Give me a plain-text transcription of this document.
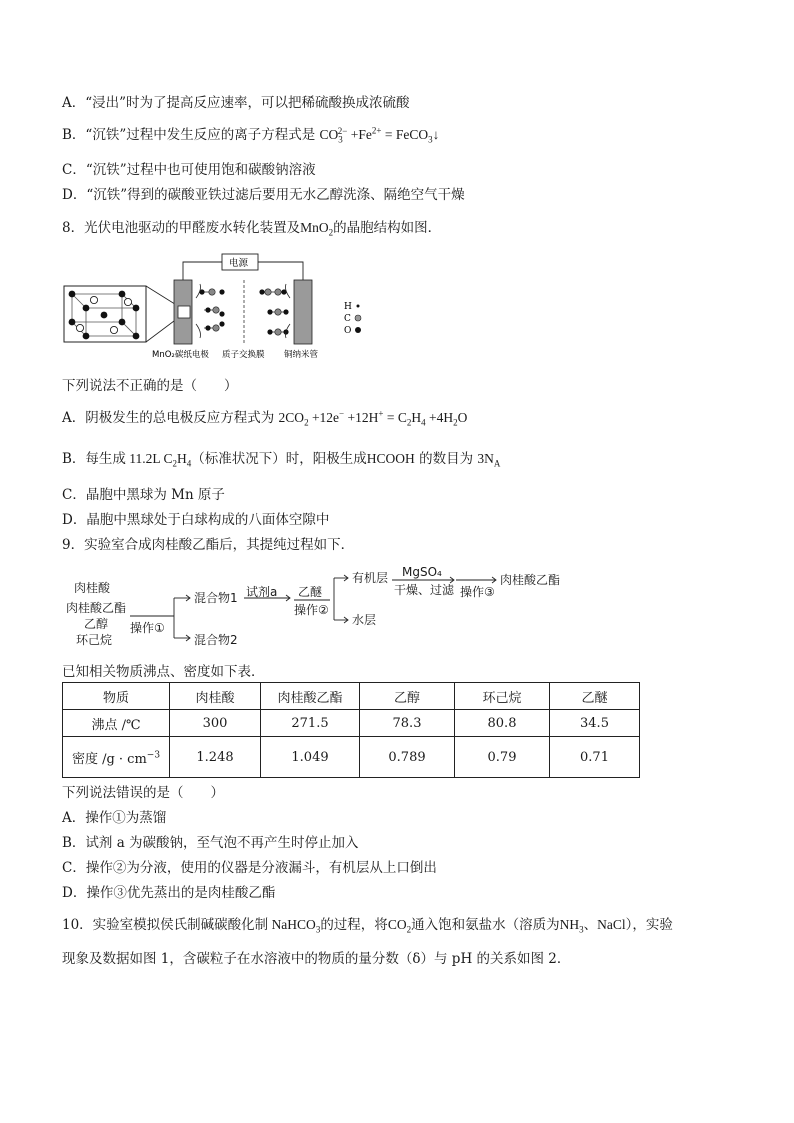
A．“浸出”时为了提高反应速率，可以把稀硫酸换成浓硫酸
B．“沉铁”过程中发生反应的离子方程式是 $CO_3^{2-} +Fe^{2+}$ = FeCO$_3$↓
C．“沉铁”过程中也可使用饱和碳酸钠溶液
D．“沉铁”得到的碳酸亚铁过滤后要用无水乙醇洗涤、隔绝空气干燥
8．光伏电池驱动的甲醛废水转化装置及MnO$_2$的晶胞结构如图．
H
C
O
电源
MnO₂碳纸电极 质子交换膜 铜纳米管
下列说法不正确的是（　　）
A．阴极发生的总电极反应方程式为 $2CO_2 +12e^- +12H^+ = C_2H_4 +4H_2O$
B．每生成 11.2L $C_2H_4$（标准状况下）时，阳极生成HCOOH 的数目为 $3N_A$
C．晶胞中黑球为 Mn 原子
D．晶胞中黑球处于白球构成的八面体空隙中
9．实验室合成肉桂酸乙酯后，其提纯过程如下．
肉桂酸
肉桂酸乙酯
乙醇
环己烷
操作①
混合物1
混合物2
试剂a 乙醚
操作②
有机层
水层
MgSO₄
干燥、过滤 操作③
肉桂酸乙酯
已知相关物质沸点、密度如下表．
物质	肉桂酸	肉桂酸乙酯	乙醇	环己烷	乙醚
沸点 /℃	300	271.5	78.3	80.8	34.5
密度 $/g \cdot cm^{-3}$	1.248	1.049	0.789	0.79	0.71
下列说法错误的是（　　）
A．操作①为蒸馏
B．试剂 a 为碳酸钠，至气泡不再产生时停止加入
C．操作②为分液，使用的仪器是分液漏斗，有机层从上口倒出
D．操作③优先蒸出的是肉桂酸乙酯
10．实验室模拟侯氏制碱碳酸化制 NaHCO$_3$的过程，将$CO_2$通入饱和氨盐水（溶质为$NH_3$、NaCl），实验
现象及数据如图 1，含碳粒子在水溶液中的物质的量分数（δ）与 pH 的关系如图 2．
